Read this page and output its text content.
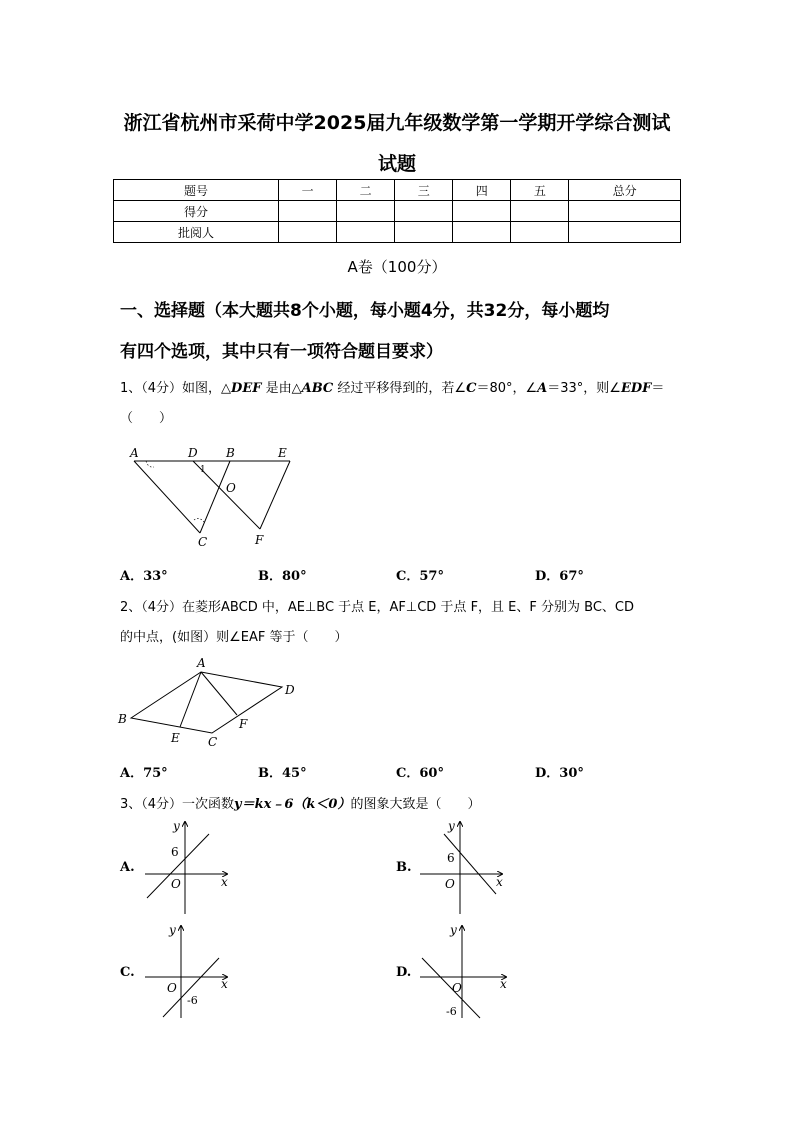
浙江省杭州市采荷中学2025届九年级数学第一学期开学综合测试
试题
题号	一	二	三	四	五	总分
得分						
批阅人						
A卷（100分）
一、选择题（本大题共8个小题，每小题4分，共32分，每小题均
有四个选项，其中只有一项符合题目要求）
1、（4分）如图，△DEF 是由△ABC 经过平移得到的，若∠C＝80°，∠A＝33°，则∠EDF＝
（　　）
A	D B	E
O
C	F
1
A．33°	B．80°	C．57°	D．67°
2、（4分）在菱形ABCD 中，AE⊥BC 于点 E，AF⊥CD 于点 F，且 E、F 分别为 BC、CD
的中点，(如图）则∠EAF 等于（　　）
A
D
B
E C
F
A．75°	B．45°	C．60°	D．30°
3、（4分）一次函数y＝kx﹣6（k＜0）的图象大致是（　　）
A.
6
O	x
y
B.
6
O	x
y
C.
O
-6
x
y
D.
O
-6
x
y
